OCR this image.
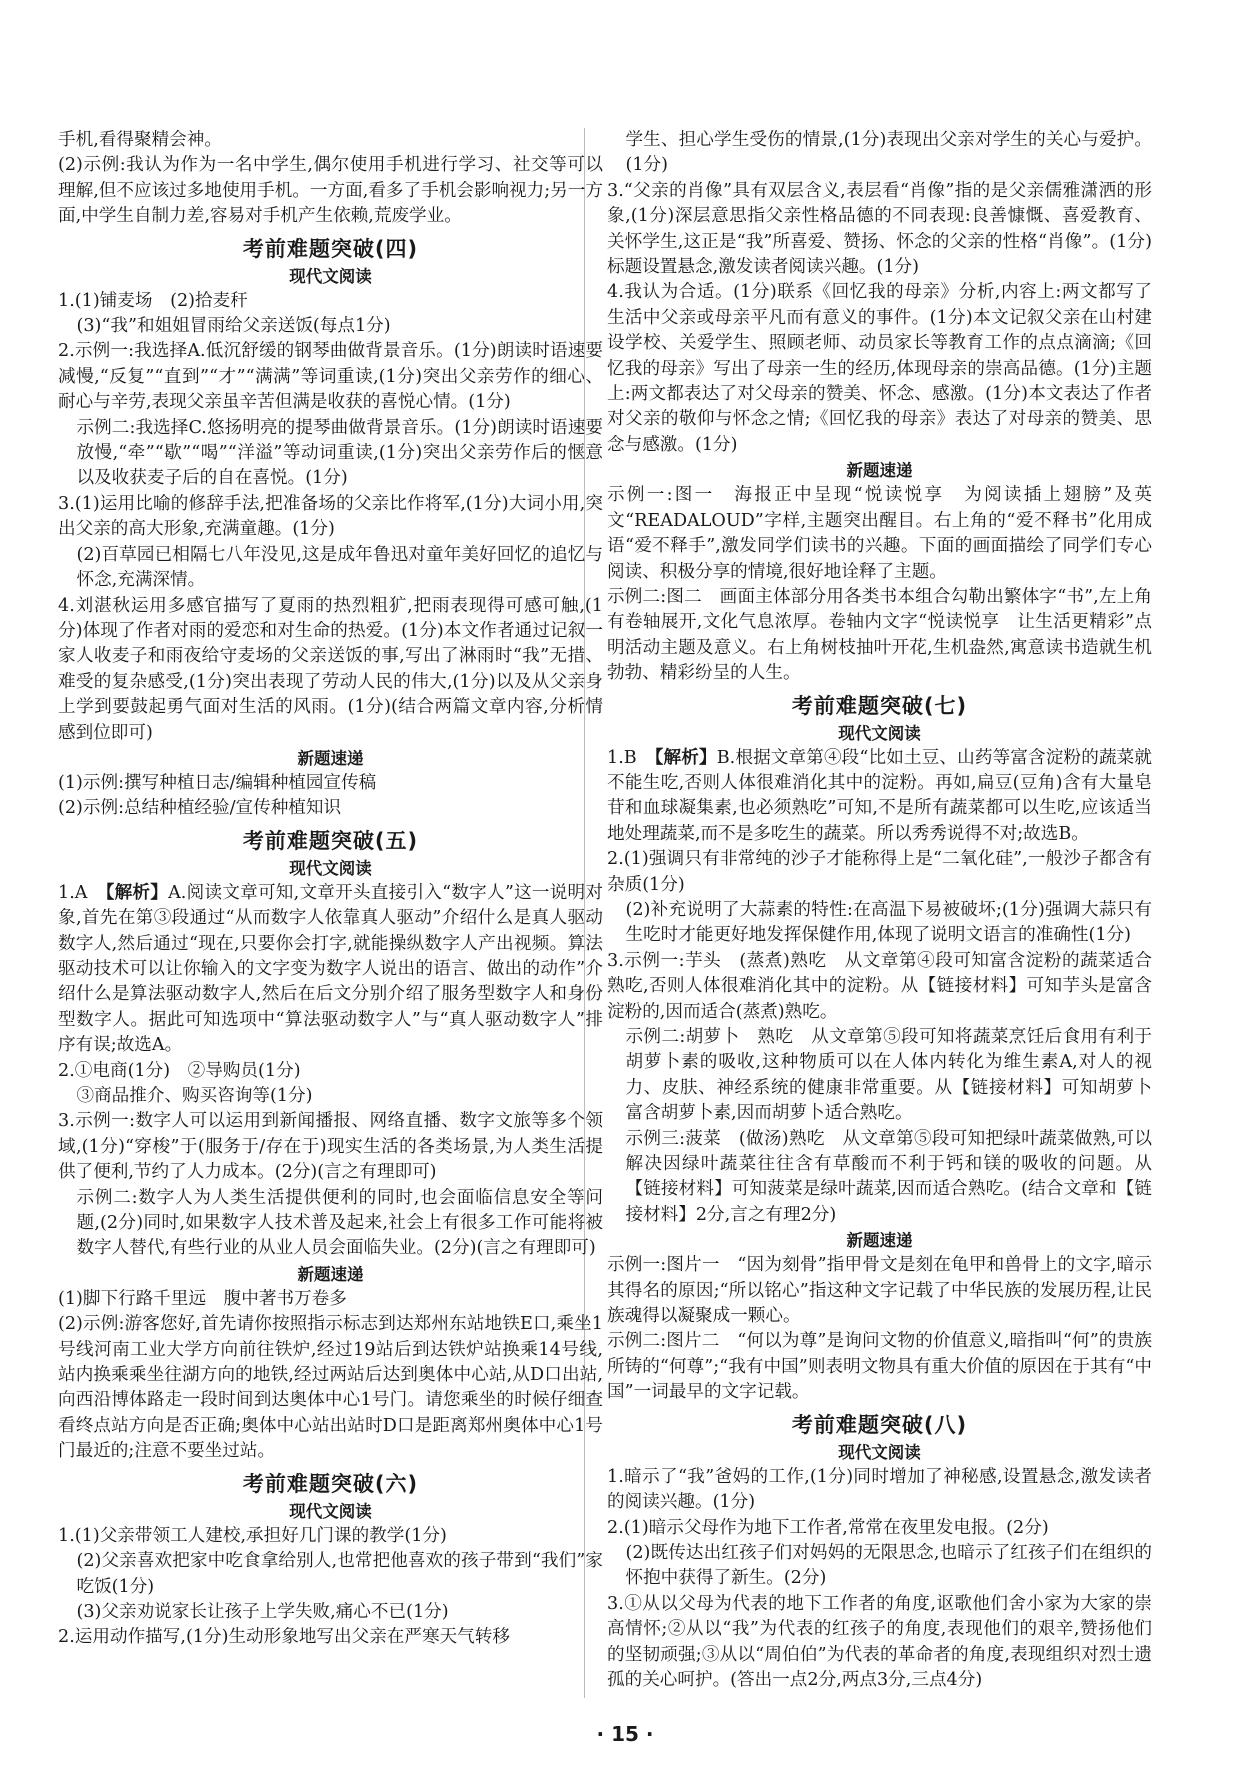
手机,看得聚精会神。

(2)示例:我认为作为一名中学生,偶尔使用手机进行学习、社交等可以理解,但不应该过多地使用手机。一方面,看多了手机会影响视力;另一方面,中学生自制力差,容易对手机产生依赖,荒废学业。

考前难题突破(四)
现代文阅读

1.(1)铺麦场　(2)拾麦秆

(3)“我”和姐姐冒雨给父亲送饭(每点1分)

2.示例一:我选择A.低沉舒缓的钢琴曲做背景音乐。(1分)朗读时语速要减慢,“反复”“直到”“才”“满满”等词重读,(1分)突出父亲劳作的细心、耐心与辛劳,表现父亲虽辛苦但满是收获的喜悦心情。(1分)

示例二:我选择C.悠扬明亮的提琴曲做背景音乐。(1分)朗读时语速要放慢,“牵”“歇”“喝”“洋溢”等动词重读,(1分)突出父亲劳作后的惬意以及收获麦子后的自在喜悦。(1分)

3.(1)运用比喻的修辞手法,把准备场的父亲比作将军,(1分)大词小用,突出父亲的高大形象,充满童趣。(1分)

(2)百草园已相隔七八年没见,这是成年鲁迅对童年美好回忆的追忆与怀念,充满深情。

4.刘湛秋运用多感官描写了夏雨的热烈粗犷,把雨表现得可感可触,(1分)体现了作者对雨的爱恋和对生命的热爱。(1分)本文作者通过记叙一家人收麦子和雨夜给守麦场的父亲送饭的事,写出了淋雨时“我”无措、难受的复杂感受,(1分)突出表现了劳动人民的伟大,(1分)以及从父亲身上学到要鼓起勇气面对生活的风雨。(1分)(结合两篇文章内容,分析情感到位即可)

新题速递

(1)示例:撰写种植日志/编辑种植园宣传稿

(2)示例:总结种植经验/宣传种植知识

考前难题突破(五)
现代文阅读

1.A　【解析】A.阅读文章可知,文章开头直接引入“数字人”这一说明对象,首先在第③段通过“从而数字人依靠真人驱动”介绍什么是真人驱动数字人,然后通过“现在,只要你会打字,就能操纵数字人产出视频。算法驱动技术可以让你输入的文字变为数字人说出的语言、做出的动作”介绍什么是算法驱动数字人,然后在后文分别介绍了服务型数字人和身份型数字人。据此可知选项中“算法驱动数字人”与“真人驱动数字人”排序有误;故选A。

2.①电商(1分)　②导购员(1分)

③商品推介、购买咨询等(1分)

3.示例一:数字人可以运用到新闻播报、网络直播、数字文旅等多个领域,(1分)“穿梭”于(服务于/存在于)现实生活的各类场景,为人类生活提供了便利,节约了人力成本。(2分)(言之有理即可)

示例二:数字人为人类生活提供便利的同时,也会面临信息安全等问题,(2分)同时,如果数字人技术普及起来,社会上有很多工作可能将被数字人替代,有些行业的从业人员会面临失业。(2分)(言之有理即可)

新题速递

(1)脚下行路千里远　腹中著书万卷多

(2)示例:游客您好,首先请你按照指示标志到达郑州东站地铁E口,乘坐1号线河南工业大学方向前往铁炉,经过19站后到达铁炉站换乘14号线,站内换乘乘坐往湖方向的地铁,经过两站后达到奥体中心站,从D口出站,向西沿博体路走一段时间到达奥体中心1号门。请您乘坐的时候仔细查看终点站方向是否正确;奥体中心站出站时D口是距离郑州奥体中心1号门最近的;注意不要坐过站。

考前难题突破(六)
现代文阅读

1.(1)父亲带领工人建校,承担好几门课的教学(1分)

(2)父亲喜欢把家中吃食拿给别人,也常把他喜欢的孩子带到“我们”家吃饭(1分)

(3)父亲劝说家长让孩子上学失败,痛心不已(1分)

2.运用动作描写,(1分)生动形象地写出父亲在严寒天气转移

学生、担心学生受伤的情景,(1分)表现出父亲对学生的关心与爱护。(1分)

3.“父亲的肖像”具有双层含义,表层看“肖像”指的是父亲儒雅潇洒的形象,(1分)深层意思指父亲性格品德的不同表现:良善慷慨、喜爱教育、关怀学生,这正是“我”所喜爱、赞扬、怀念的父亲的性格“肖像”。(1分)标题设置悬念,激发读者阅读兴趣。(1分)

4.我认为合适。(1分)联系《回忆我的母亲》分析,内容上:两文都写了生活中父亲或母亲平凡而有意义的事件。(1分)本文记叙父亲在山村建设学校、关爱学生、照顾老师、动员家长等教育工作的点点滴滴;《回忆我的母亲》写出了母亲一生的经历,体现母亲的崇高品德。(1分)主题上:两文都表达了对父母亲的赞美、怀念、感激。(1分)本文表达了作者对父亲的敬仰与怀念之情;《回忆我的母亲》表达了对母亲的赞美、思念与感激。(1分)

新题速递

示例一:图一　海报正中呈现“悦读悦享　为阅读插上翅膀”及英文“READALOUD”字样,主题突出醒目。右上角的“爱不释书”化用成语“爱不释手”,激发同学们读书的兴趣。下面的画面描绘了同学们专心阅读、积极分享的情境,很好地诠释了主题。

示例二:图二　画面主体部分用各类书本组合勾勒出繁体字“书”,左上角有卷轴展开,文化气息浓厚。卷轴内文字“悦读悦享　让生活更精彩”点明活动主题及意义。右上角树枝抽叶开花,生机盎然,寓意读书造就生机勃勃、精彩纷呈的人生。

考前难题突破(七)
现代文阅读

1.B　【解析】B.根据文章第④段“比如土豆、山药等富含淀粉的蔬菜就不能生吃,否则人体很难消化其中的淀粉。再如,扁豆(豆角)含有大量皂苷和血球凝集素,也必须熟吃”可知,不是所有蔬菜都可以生吃,应该适当地处理蔬菜,而不是多吃生的蔬菜。所以秀秀说得不对;故选B。

2.(1)强调只有非常纯的沙子才能称得上是“二氧化硅”,一般沙子都含有杂质(1分)

(2)补充说明了大蒜素的特性:在高温下易被破坏;(1分)强调大蒜只有生吃时才能更好地发挥保健作用,体现了说明文语言的准确性(1分)

3.示例一:芋头　(蒸煮)熟吃　从文章第④段可知富含淀粉的蔬菜适合熟吃,否则人体很难消化其中的淀粉。从【链接材料】可知芋头是富含淀粉的,因而适合(蒸煮)熟吃。

示例二:胡萝卜　熟吃　从文章第⑤段可知将蔬菜烹饪后食用有利于胡萝卜素的吸收,这种物质可以在人体内转化为维生素A,对人的视力、皮肤、神经系统的健康非常重要。从【链接材料】可知胡萝卜富含胡萝卜素,因而胡萝卜适合熟吃。

示例三:菠菜　(做汤)熟吃　从文章第⑤段可知把绿叶蔬菜做熟,可以解决因绿叶蔬菜往往含有草酸而不利于钙和镁的吸收的问题。从【链接材料】可知菠菜是绿叶蔬菜,因而适合熟吃。(结合文章和【链接材料】2分,言之有理2分)

新题速递

示例一:图片一　“因为刻骨”指甲骨文是刻在龟甲和兽骨上的文字,暗示其得名的原因;“所以铭心”指这种文字记载了中华民族的发展历程,让民族魂得以凝聚成一颗心。

示例二:图片二　“何以为尊”是询问文物的价值意义,暗指叫“何”的贵族所铸的“何尊”;“我有中国”则表明文物具有重大价值的原因在于其有“中国”一词最早的文字记载。

考前难题突破(八)
现代文阅读

1.暗示了“我”爸妈的工作,(1分)同时增加了神秘感,设置悬念,激发读者的阅读兴趣。(1分)

2.(1)暗示父母作为地下工作者,常常在夜里发电报。(2分)

(2)既传达出红孩子们对妈妈的无限思念,也暗示了红孩子们在组织的怀抱中获得了新生。(2分)

3.①从以父母为代表的地下工作者的角度,讴歌他们舍小家为大家的崇高情怀;②从以“我”为代表的红孩子的角度,表现他们的艰辛,赞扬他们的坚韧顽强;③从以“周伯伯”为代表的革命者的角度,表现组织对烈士遗孤的关心呵护。(答出一点2分,两点3分,三点4分)

· 15 ·
